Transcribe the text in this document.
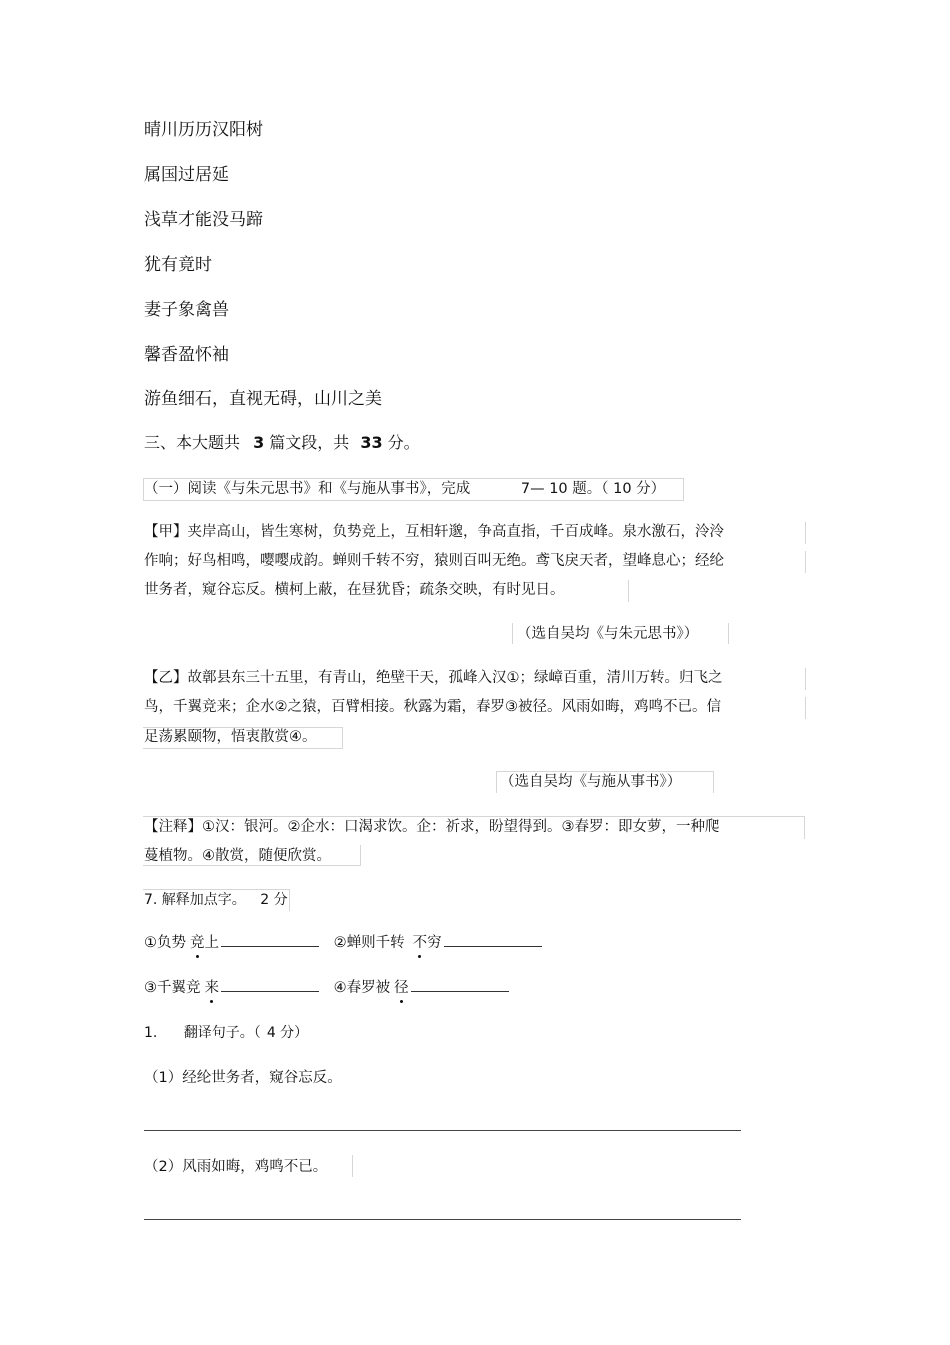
晴川历历汉阳树
属国过居延
浅草才能没马蹄
犹有竟时
妻子象禽兽
馨香盈怀袖
游鱼细石，直视无碍，山川之美
三、本大题共 3 篇文段，共 33 分。
（一）阅读《与朱元思书》和《与施从事书》，完成	7— 10 题。（ 10 分）
【甲】夹岸高山，皆生寒树，负势竞上，互相轩邈，争高直指，千百成峰。泉水激石，泠泠
作响；好鸟相鸣，嘤嘤成韵。蝉则千转不穷，猿则百叫无绝。鸢飞戾天者，望峰息心；经纶
世务者，窥谷忘反。横柯上蔽，在昼犹昏；疏条交映，有时见日。
（选自吴均《与朱元思书》）
【乙】故鄣县东三十五里，有青山，绝壁干天，孤峰入汉①；绿嶂百重，清川万转。归飞之
鸟，千翼竞来；企水②之猿，百臂相接。秋露为霜，春罗③被径。风雨如晦，鸡鸣不已。信
足荡累颐物，悟衷散赏④。
（选自吴均《与施从事书》）
【注释】①汉：银河。②企水：口渴求饮。企：祈求，盼望得到。③春罗：即女萝，一种爬
蔓植物。④散赏，随便欣赏。
7. 解释加点字。 2 分
①负势 竞上	②蝉则千转 不穷
③千翼竞 来	④春罗被 径
1. 翻译句子。（ 4 分）
（1）经纶世务者，窥谷忘反。
（2）风雨如晦，鸡鸣不已。
